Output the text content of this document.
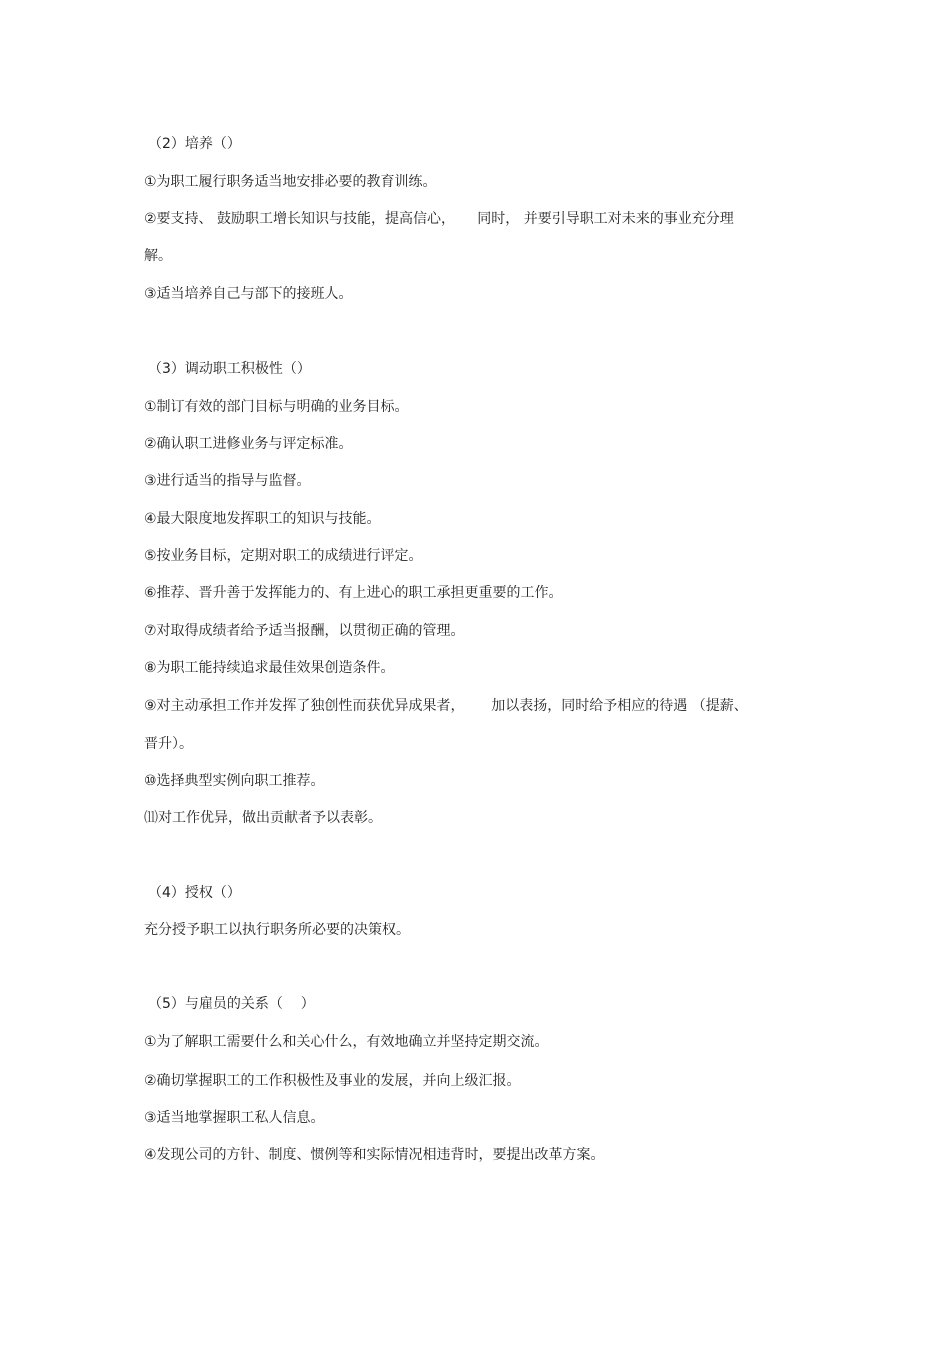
（2）培养（）
①为职工履行职务适当地安排必要的教育训练。
②要支持、 鼓励职工增长知识与技能，提高信心，     同时， 并要引导职工对未来的事业充分理
解。
③适当培养自己与部下的接班人。
（3）调动职工积极性（）
①制订有效的部门目标与明确的业务目标。
②确认职工进修业务与评定标准。
③进行适当的指导与监督。
④最大限度地发挥职工的知识与技能。
⑤按业务目标，定期对职工的成绩进行评定。
⑥推荐、晋升善于发挥能力的、有上进心的职工承担更重要的工作。
⑦对取得成绩者给予适当报酬，以贯彻正确的管理。
⑧为职工能持续追求最佳效果创造条件。
⑨对主动承担工作并发挥了独创性而获优异成果者，      加以表扬，同时给予相应的待遇 （提薪、
晋升）。
⑩选择典型实例向职工推荐。
⑾对工作优异，做出贡献者予以表彰。
（4）授权（）
充分授予职工以执行职务所必要的决策权。
（5）与雇员的关系（    ）
①为了解职工需要什么和关心什么，有效地确立并坚持定期交流。
②确切掌握职工的工作积极性及事业的发展，并向上级汇报。
③适当地掌握职工私人信息。
④发现公司的方针、制度、惯例等和实际情况相违背时，要提出改革方案。
